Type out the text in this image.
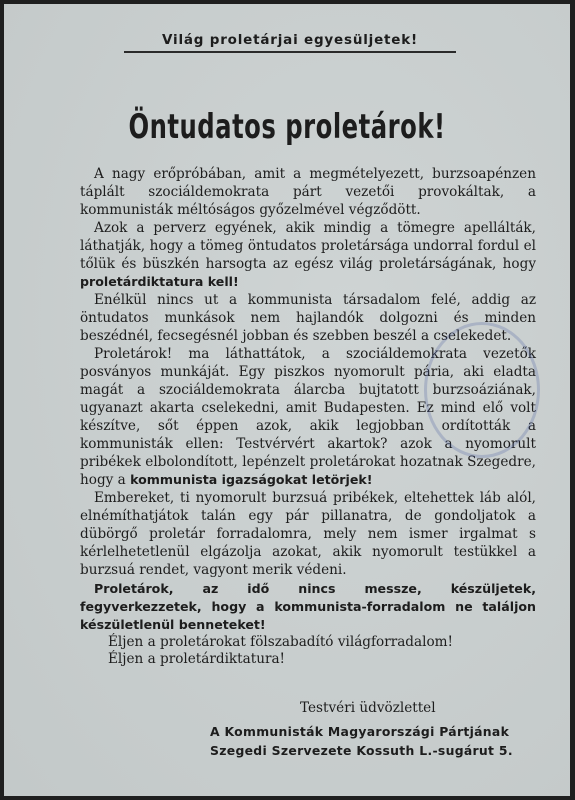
Világ proletárjai egyesüljetek!
Öntudatos proletárok!

A nagy erőpróbában, amit a megmételyezett, burzsoapénzen táplált szociáldemokrata párt vezetői provokáltak, a kommunisták méltóságos győzelmével végződött.

Azok a perverz egyének, akik mindig a tömegre apellálták, láthatják, hogy a tömeg öntudatos proletársága undorral fordul el tőlük és büszkén harsogta az egész világ proletárságának, hogy proletárdiktatura kell!

Enélkül nincs ut a kommunista társadalom felé, addig az öntudatos munkások nem hajlandók dolgozni és minden beszédnél, fecsegésnél jobban és szebben beszél a cselekedet.

Proletárok! ma láthattátok, a szociáldemokrata vezetők posványos munkáját. Egy piszkos nyomorult pária, aki eladta magát a szociáldemokrata álarcba bujtatott burzsoáziának, ugyanazt akarta cselekedni, amit Budapesten. Ez mind elő volt készítve, sőt éppen azok, akik legjobban ordították a kommunisták ellen: Testvérvért akartok? azok a nyomorult pribékek elbolondított, lepénzelt proletárokat hozatnak Szegedre, hogy a kommunista igazságokat letörjek!

Embereket, ti nyomorult burzsuá pribékek, eltehettek láb alól, elnémíthatjátok talán egy pár pillanatra, de gondoljatok a dübörgő proletár forradalomra, mely nem ismer irgalmat s kérlelhetetlenül elgázolja azokat, akik nyomorult testükkel a burzsuá rendet, vagyont merik védeni.

Proletárok, az idő nincs messze, készüljetek, fegyverkezzetek, hogy a kommunista-forradalom ne találjon készületlenül benneteket!

Éljen a proletárokat fölszabadító világforradalom!

Éljen a proletárdiktatura!

Testvéri üdvözlettel
A Kommunisták Magyarországi Pártjának
Szegedi Szervezete Kossuth L.-sugárut 5.
